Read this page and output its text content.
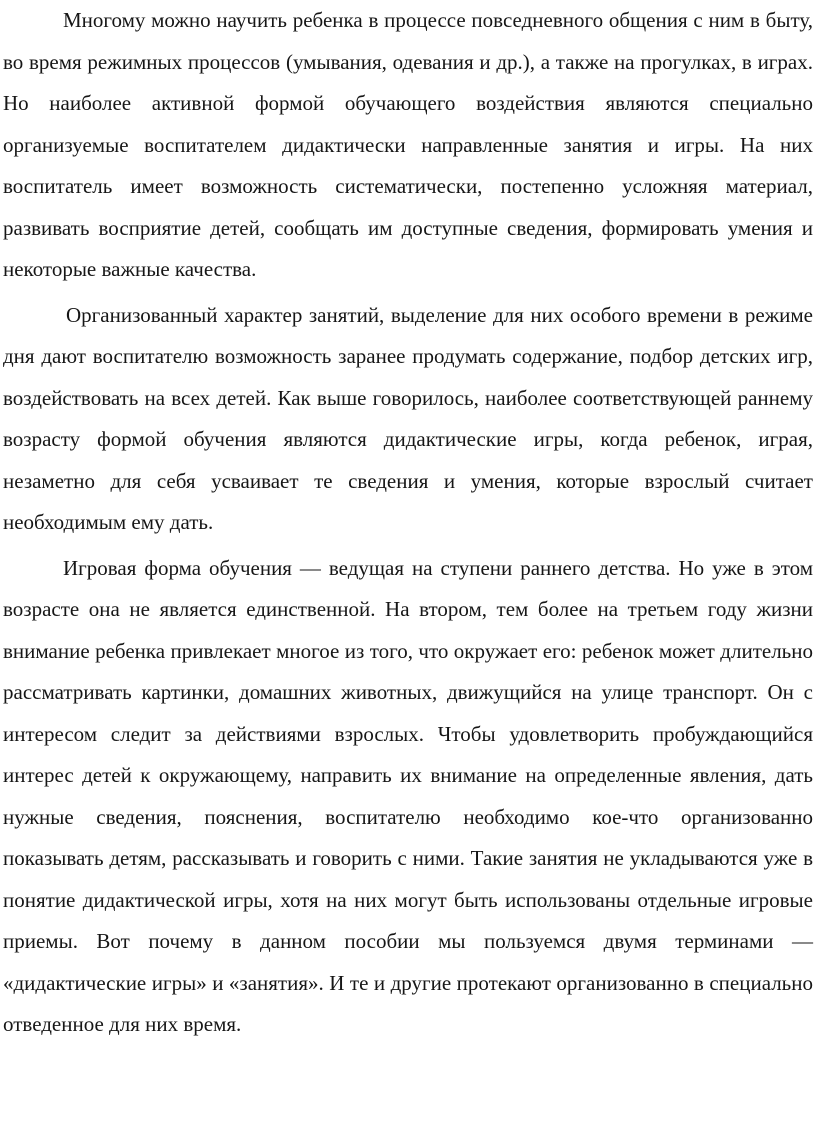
Многому можно научить ребенка в процессе повседневного общения с ним в быту, во время режимных процессов (умывания, одевания и др.), а также на прогулках, в играх. Но наиболее активной формой обучающего воздействия являются специально организуемые воспитателем дидактически направленные занятия и игры. На них воспитатель имеет возможность систематически, постепенно усложняя материал, развивать восприятие детей, сообщать им доступные сведения, формировать умения и некоторые важные качества.

Организованный характер занятий, выделение для них особого времени в режиме дня дают воспитателю возможность заранее продумать содержание, подбор детских игр, воздействовать на всех детей. Как выше говорилось, наиболее соответствующей раннему возрасту формой обучения являются дидактические игры, когда ребенок, играя, незаметно для себя усваивает те сведения и умения, которые взрослый считает необходимым ему дать.

Игровая форма обучения — ведущая на ступени раннего детства. Но уже в этом возрасте она не является единственной. На втором, тем более на третьем году жизни внимание ребенка привлекает многое из того, что окружает его: ребенок может длительно рассматривать картинки, домашних животных, движущийся на улице транспорт. Он с интересом следит за действиями взрослых. Чтобы удовлетворить пробуждающийся интерес детей к окружающему, направить их внимание на определенные явления, дать нужные сведения, пояснения, воспитателю необходимо кое-что организованно показывать детям, рассказывать и говорить с ними. Такие занятия не укладываются уже в понятие дидактической игры, хотя на них могут быть использованы отдельные игровые приемы. Вот почему в данном пособии мы пользуемся двумя терминами — «дидактические игры» и «занятия». И те и другие протекают организованно в специально отведенное для них время.
